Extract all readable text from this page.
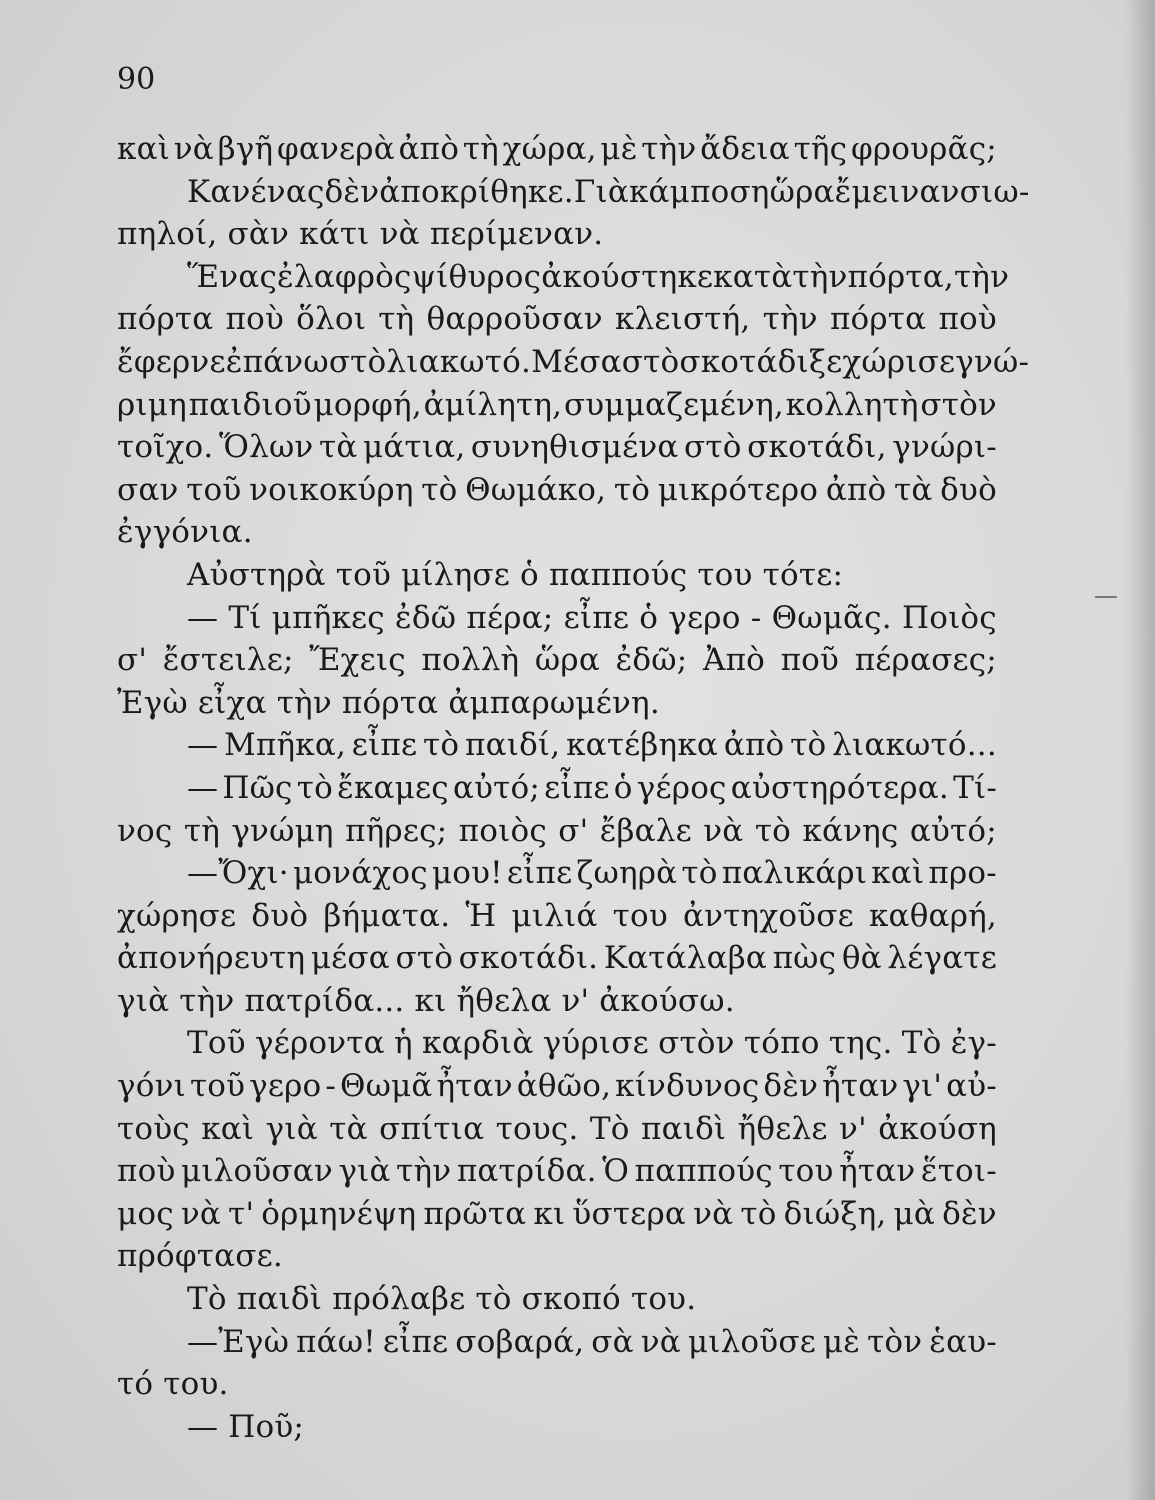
90
καὶ νὰ βγῆ φανερὰ ἀπὸ τὴ χώρα, μὲ τὴν ἄδεια τῆς φρουρᾶς;
Κανένας δὲν ἀποκρίθηκε. Γιὰ κάμποση ὥρα ἔμειναν σιω-
πηλοί, σὰν κάτι νὰ περίμεναν.
Ἕνας ἐλαφρὸς ψίθυρος ἀκούστηκε κατὰ τὴν πόρτα, τὴν
πόρτα ποὺ ὅλοι τὴ θαρροῦσαν κλειστή, τὴν πόρτα ποὺ
ἔφερνε ἐπάνω στὸ λιακωτό. Μέσα στὸ σκοτάδι ξεχώρισε γνώ-
ριμη παιδιοῦ μορφή, ἀμίλητη, συμμαζεμένη, κολλητὴ στὸν
τοῖχο. Ὅλων τὰ μάτια, συνηθισμένα στὸ σκοτάδι, γνώρι-
σαν τοῦ νοικοκύρη τὸ Θωμάκο, τὸ μικρότερο ἀπὸ τὰ δυὸ
ἐγγόνια.
Αὐστηρὰ τοῦ μίλησε ὁ παππούς του τότε:
— Τί μπῆκες ἐδῶ πέρα; εἶπε ὁ γερο - Θωμᾶς. Ποιὸς
σ' ἔστειλε; Ἔχεις πολλὴ ὥρα ἐδῶ; Ἀπὸ ποῦ πέρασες;
Ἐγὼ εἶχα τὴν πόρτα ἀμπαρωμένη.
— Μπῆκα, εἶπε τὸ παιδί, κατέβηκα ἀπὸ τὸ λιακωτό...
— Πῶς τὸ ἔκαμες αὐτό; εἶπε ὁ γέρος αὐστηρότερα. Τί-
νος τὴ γνώμη πῆρες; ποιὸς σ' ἔβαλε νὰ τὸ κάνης αὐτό;
—Ὄχι· μονάχος μου! εἶπε ζωηρὰ τὸ παλικάρι καὶ προ-
χώρησε δυὸ βήματα. Ἡ μιλιά του ἀντηχοῦσε καθαρή,
ἀπονήρευτη μέσα στὸ σκοτάδι. Κατάλαβα πὼς θὰ λέγατε
γιὰ τὴν πατρίδα... κι ἤθελα ν' ἀκούσω.
Τοῦ γέροντα ἡ καρδιὰ γύρισε στὸν τόπο της. Τὸ ἐγ-
γόνι τοῦ γερο - Θωμᾶ ἦταν ἀθῶο, κίνδυνος δὲν ἦταν γι' αὐ-
τοὺς καὶ γιὰ τὰ σπίτια τους. Τὸ παιδὶ ἤθελε ν' ἀκούση
ποὺ μιλοῦσαν γιὰ τὴν πατρίδα. Ὁ παππούς του ἦταν ἕτοι-
μος νὰ τ' ὁρμηνέψη πρῶτα κι ὕστερα νὰ τὸ διώξη, μὰ δὲν
πρόφτασε.
Τὸ παιδὶ πρόλαβε τὸ σκοπό του.
—Ἐγὼ πάω! εἶπε σοβαρά, σὰ νὰ μιλοῦσε μὲ τὸν ἑαυ-
τό του.
— Ποῦ;
